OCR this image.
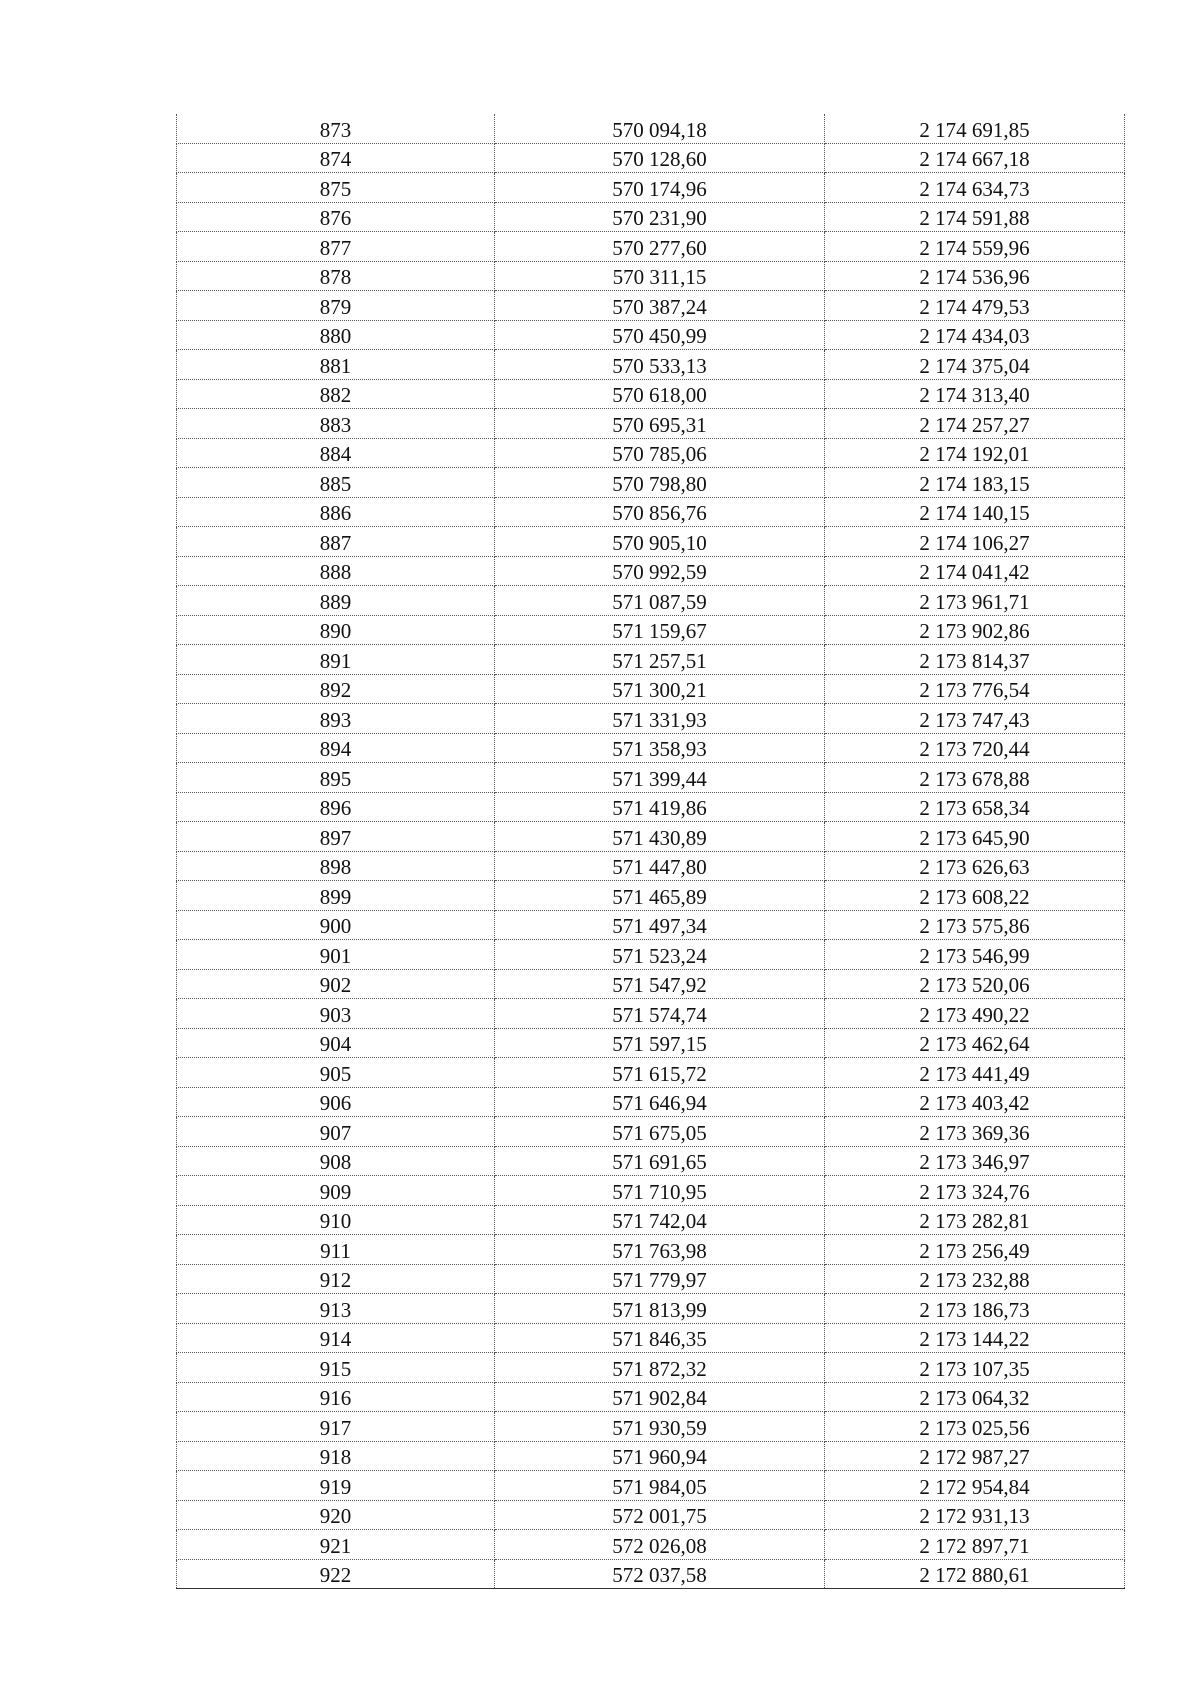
873	570 094,18	2 174 691,85
874	570 128,60	2 174 667,18
875	570 174,96	2 174 634,73
876	570 231,90	2 174 591,88
877	570 277,60	2 174 559,96
878	570 311,15	2 174 536,96
879	570 387,24	2 174 479,53
880	570 450,99	2 174 434,03
881	570 533,13	2 174 375,04
882	570 618,00	2 174 313,40
883	570 695,31	2 174 257,27
884	570 785,06	2 174 192,01
885	570 798,80	2 174 183,15
886	570 856,76	2 174 140,15
887	570 905,10	2 174 106,27
888	570 992,59	2 174 041,42
889	571 087,59	2 173 961,71
890	571 159,67	2 173 902,86
891	571 257,51	2 173 814,37
892	571 300,21	2 173 776,54
893	571 331,93	2 173 747,43
894	571 358,93	2 173 720,44
895	571 399,44	2 173 678,88
896	571 419,86	2 173 658,34
897	571 430,89	2 173 645,90
898	571 447,80	2 173 626,63
899	571 465,89	2 173 608,22
900	571 497,34	2 173 575,86
901	571 523,24	2 173 546,99
902	571 547,92	2 173 520,06
903	571 574,74	2 173 490,22
904	571 597,15	2 173 462,64
905	571 615,72	2 173 441,49
906	571 646,94	2 173 403,42
907	571 675,05	2 173 369,36
908	571 691,65	2 173 346,97
909	571 710,95	2 173 324,76
910	571 742,04	2 173 282,81
911	571 763,98	2 173 256,49
912	571 779,97	2 173 232,88
913	571 813,99	2 173 186,73
914	571 846,35	2 173 144,22
915	571 872,32	2 173 107,35
916	571 902,84	2 173 064,32
917	571 930,59	2 173 025,56
918	571 960,94	2 172 987,27
919	571 984,05	2 172 954,84
920	572 001,75	2 172 931,13
921	572 026,08	2 172 897,71
922	572 037,58	2 172 880,61
